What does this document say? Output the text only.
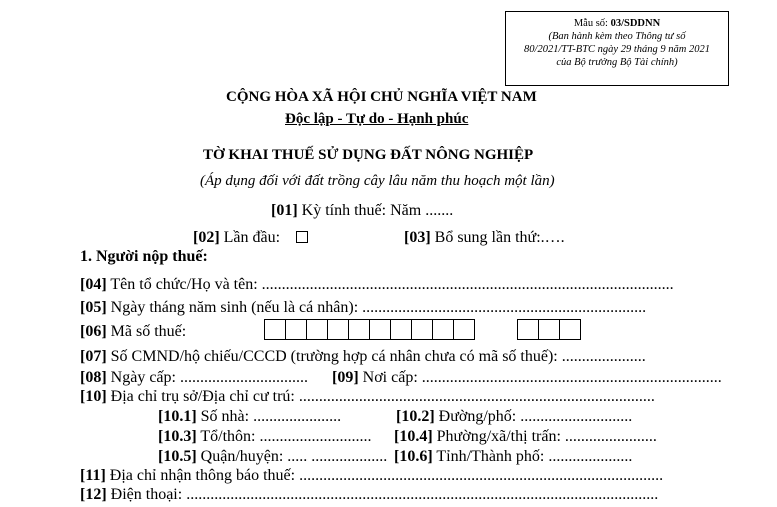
Mẫu số: 03/SDDNN
(Ban hành kèm theo Thông tư số
80/2021/TT-BTC ngày 29 tháng 9 năm 2021
của Bộ trưởng Bộ Tài chính)
CỘNG HÒA XÃ HỘI CHỦ NGHĨA VIỆT NAM
Độc lập - Tự do - Hạnh phúc
TỜ KHAI THUẾ SỬ DỤNG ĐẤT NÔNG NGHIỆP
(Áp dụng đối với đất trồng cây lâu năm thu hoạch một lần)
[01] Kỳ tính thuế: Năm .......
[02] Lần đầu:	[03] Bổ sung lần thứ:.….
1. Người nộp thuế:
[04] Tên tổ chức/Họ và tên: .......................................................................................................
[05] Ngày tháng năm sinh (nếu là cá nhân): .......................................................................
[06] Mã số thuế:
[07] Số CMND/hộ chiếu/CCCD (trường hợp cá nhân chưa có mã số thuế): .....................
[08] Ngày cấp: ................................ [09] Nơi cấp: ...........................................................................
[10] Địa chỉ trụ sở/Địa chỉ cư trú: .........................................................................................
[10.1] Số nhà: ......................	[10.2] Đường/phố: ............................
[10.3] Tổ/thôn: ............................ [10.4] Phường/xã/thị trấn: .......................
[10.5] Quận/huyện: ..... ................... [10.6] Tỉnh/Thành phố: .....................
[11] Địa chỉ nhận thông báo thuế: ...........................................................................................
[12] Điện thoại: ......................................................................................................................
